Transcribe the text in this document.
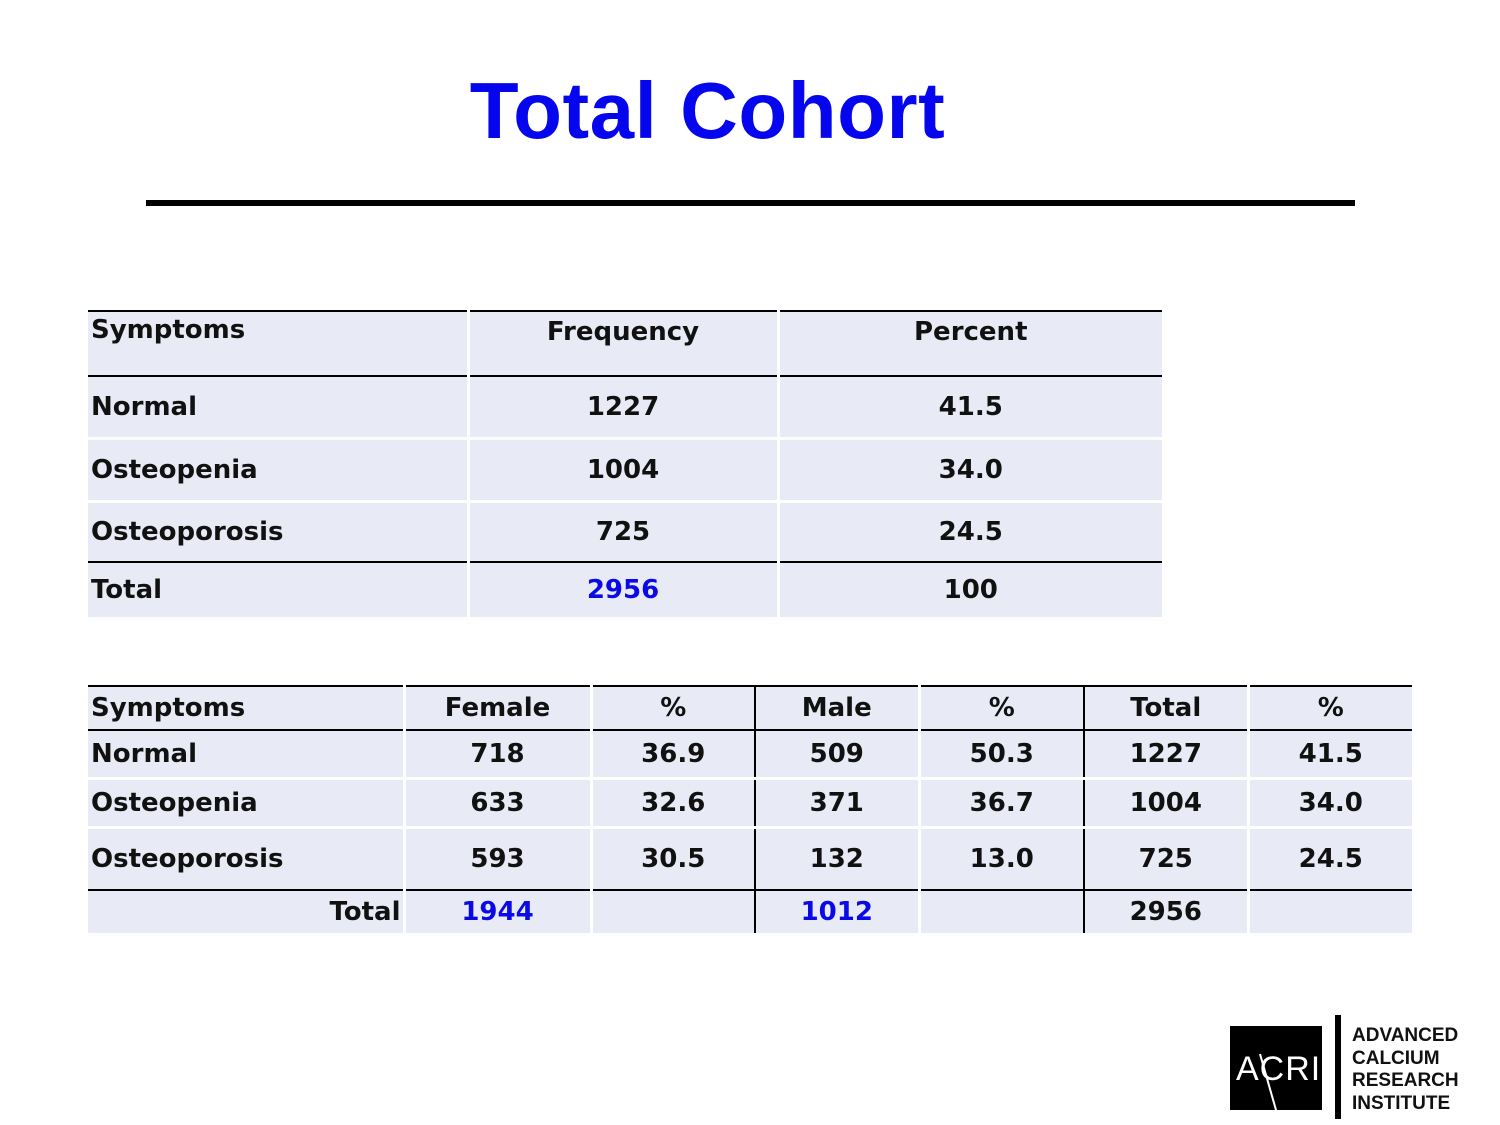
Total Cohort
Symptoms	Frequency	Percent
Normal	1227	41.5
Osteopenia	1004	34.0
Osteoporosis	725	24.5
Total	2956	100
Symptoms	Female	%	Male	%	Total	%
Normal	718	36.9	509	50.3	1227	41.5
Osteopenia	633	32.6	371	36.7	1004	34.0
Osteoporosis	593	30.5	132	13.0	725	24.5
Total	1944		1012		2956	
ACRI
ADVANCED
CALCIUM
RESEARCH
INSTITUTE
